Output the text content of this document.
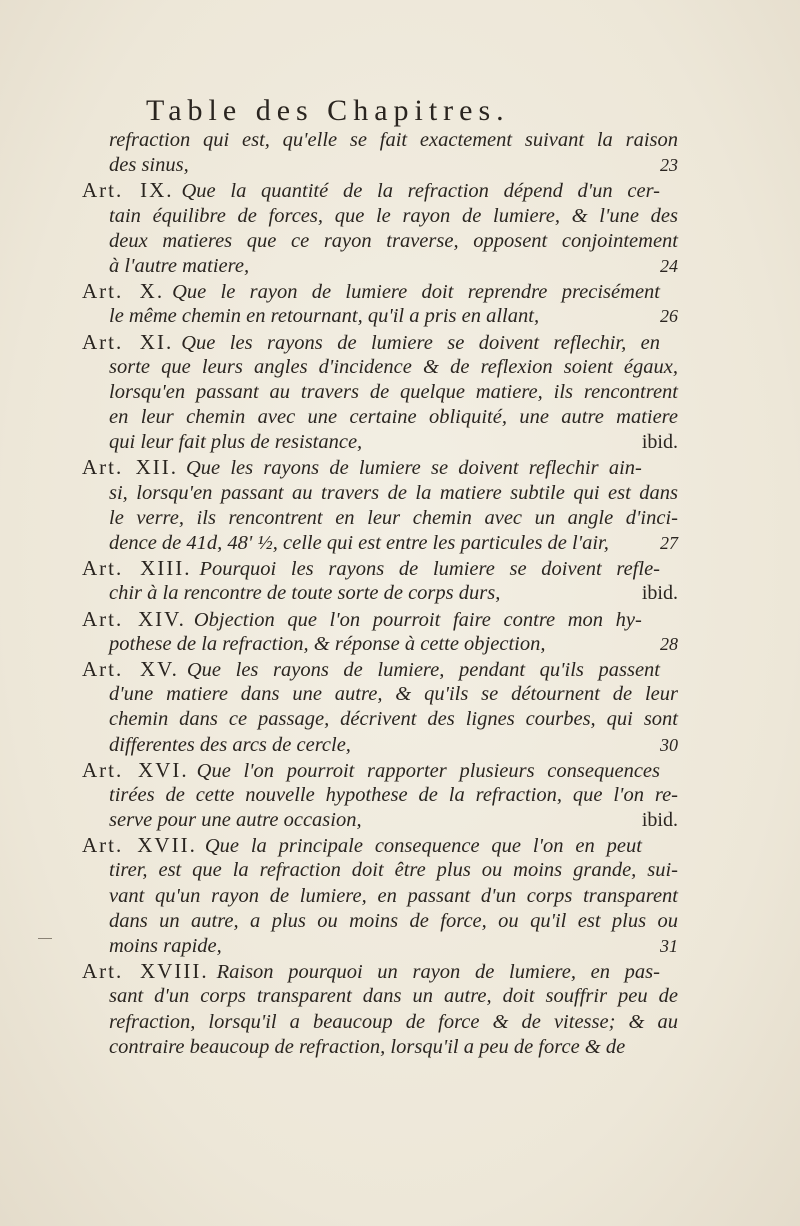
Table des Chapitres.
refraction qui est, qu'elle se fait exactement suivant la raison
23
des sinus,
Art. IX. Que la quantité de la refraction dépend d'un cer-
tain équilibre de forces, que le rayon de lumiere, & l'une des
deux matieres que ce rayon traverse, opposent conjointement
24
à l'autre matiere,
Art. X. Que le rayon de lumiere doit reprendre precisément
26
le même chemin en retournant, qu'il a pris en allant,
Art. XI. Que les rayons de lumiere se doivent reflechir, en
sorte que leurs angles d'incidence & de reflexion soient égaux,
lorsqu'en passant au travers de quelque matiere, ils rencontrent
en leur chemin avec une certaine obliquité, une autre matiere
ibid.
qui leur fait plus de resistance,
Art. XII. Que les rayons de lumiere se doivent reflechir ain-
si, lorsqu'en passant au travers de la matiere subtile qui est dans
le verre, ils rencontrent en leur chemin avec un angle d'inci-
27
dence de 41d, 48' ½, celle qui est entre les particules de l'air,
Art. XIII. Pourquoi les rayons de lumiere se doivent refle-
ibid.
chir à la rencontre de toute sorte de corps durs,
Art. XIV. Objection que l'on pourroit faire contre mon hy-
28
pothese de la refraction, & réponse à cette objection,
Art. XV. Que les rayons de lumiere, pendant qu'ils passent
d'une matiere dans une autre, & qu'ils se détournent de leur
chemin dans ce passage, décrivent des lignes courbes, qui sont
30
differentes des arcs de cercle,
Art. XVI. Que l'on pourroit rapporter plusieurs consequences
tirées de cette nouvelle hypothese de la refraction, que l'on re-
ibid.
serve pour une autre occasion,
Art. XVII. Que la principale consequence que l'on en peut
tirer, est que la refraction doit être plus ou moins grande, sui-
vant qu'un rayon de lumiere, en passant d'un corps transparent
dans un autre, a plus ou moins de force, ou qu'il est plus ou
31
moins rapide,
Art. XVIII. Raison pourquoi un rayon de lumiere, en pas-
sant d'un corps transparent dans un autre, doit souffrir peu de
refraction, lorsqu'il a beaucoup de force & de vitesse; & au
contraire beaucoup de refraction, lorsqu'il a peu de force & de
